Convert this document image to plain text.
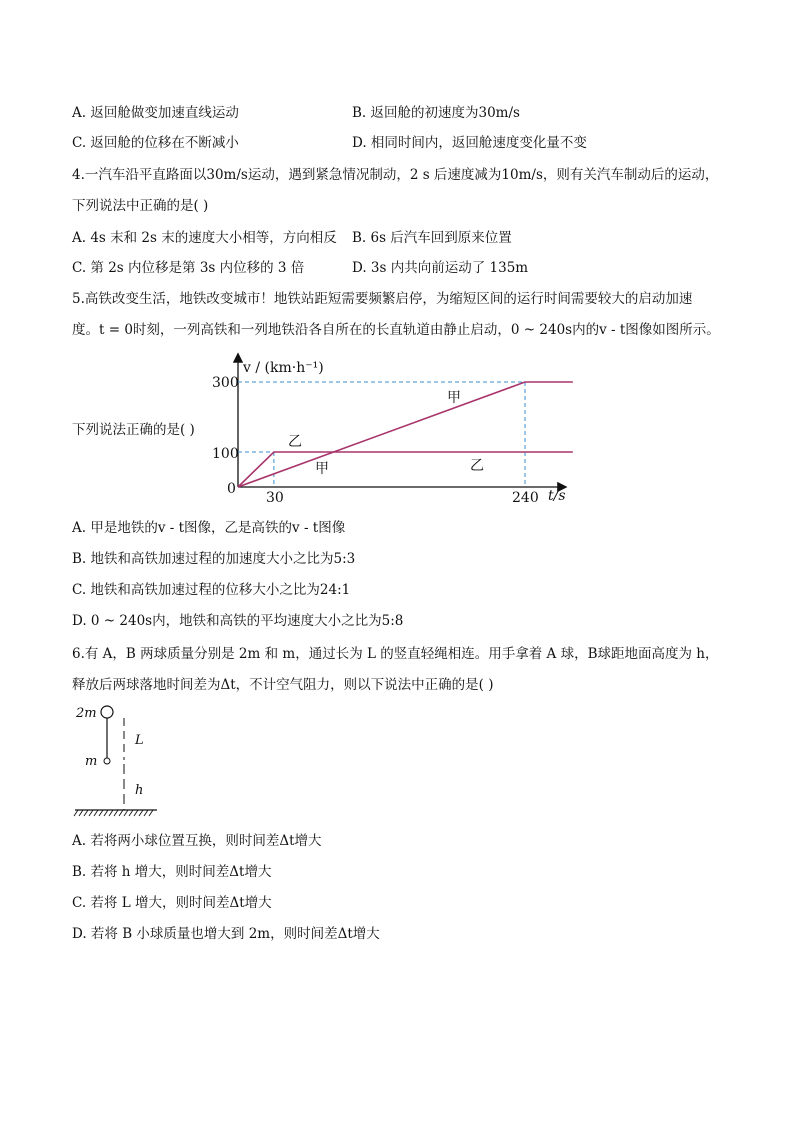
A. 返回舱做变加速直线运动	B. 返回舱的初速度为30m/s
C. 返回舱的位移在不断减小	D. 相同时间内，返回舱速度变化量不变
4.一汽车沿平直路面以30m/s运动，遇到紧急情况制动，2 s 后速度减为10m/s，则有关汽车制动后的运动，
下列说法中正确的是( )
A. 4s 末和 2s 末的速度大小相等，方向相反 B. 6s 后汽车回到原来位置
C. 第 2s 内位移是第 3s 内位移的 3 倍	D. 3s 内共向前运动了 135m
5.高铁改变生活，地铁改变城市！地铁站距短需要频繁启停，为缩短区间的运行时间需要较大的启动加速
度。t = 0时刻，一列高铁和一列地铁沿各自所在的长直轨道由静止启动，0 ~ 240s内的v - t图像如图所示。
下列说法正确的是( )
v / (km·h⁻¹)
t/s
300
100
0
30	240
甲
甲
乙
乙
A. 甲是地铁的v - t图像，乙是高铁的v - t图像
B. 地铁和高铁加速过程的加速度大小之比为5:3
C. 地铁和高铁加速过程的位移大小之比为24:1
D. 0 ~ 240s内，地铁和高铁的平均速度大小之比为5:8
6.有 A，B 两球质量分别是 2m 和 m，通过长为 L 的竖直轻绳相连。用手拿着 A 球，B球距地面高度为 h，
释放后两球落地时间差为Δt，不计空气阻力，则以下说法中正确的是( )
2m
m
L
h
A. 若将两小球位置互换，则时间差Δt增大
B. 若将 h 增大，则时间差Δt增大
C. 若将 L 增大，则时间差Δt增大
D. 若将 B 小球质量也增大到 2m，则时间差Δt增大
